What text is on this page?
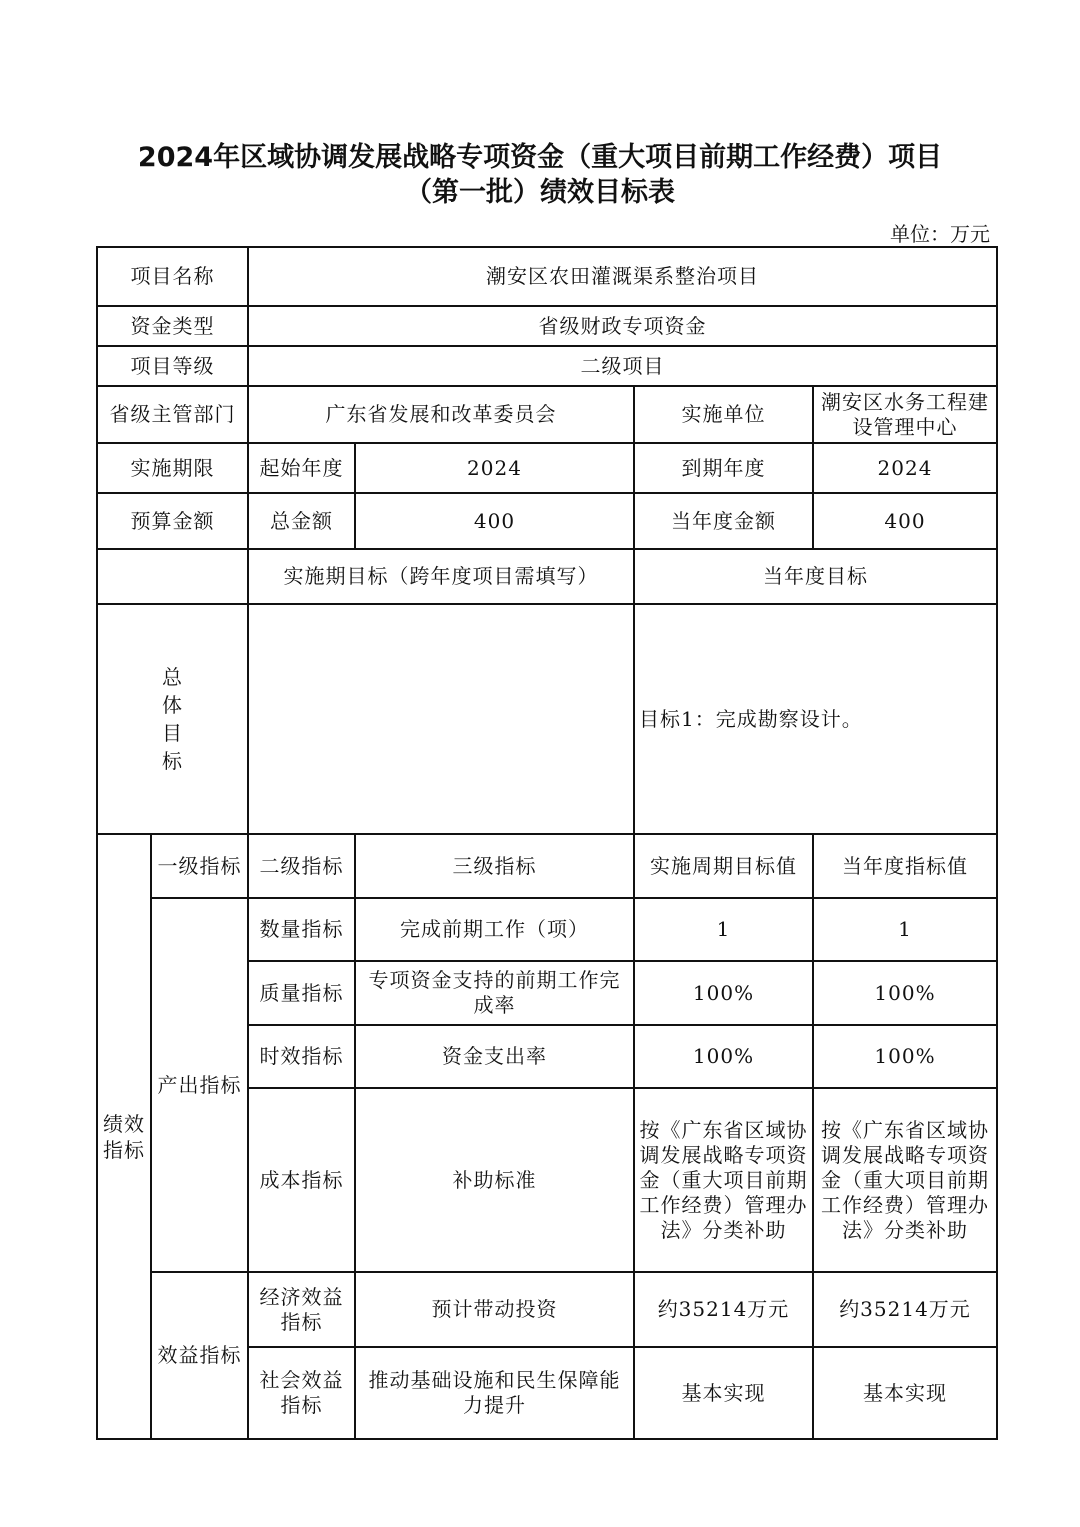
2024年区域协调发展战略专项资金（重大项目前期工作经费）项目
（第一批）绩效目标表
单位：万元
项目名称		潮安区农田灌溉渠系整治项目			
资金类型		省级财政专项资金			
项目等级		二级项目			
省级主管部门		广东省发展和改革委员会		实施单位	潮安区水务工程建设管理中心
实施期限		起始年度	2024	到期年度	2024
预算金额		总金额	400	当年度金额	400
		实施期目标（跨年度项目需填写）		当年度目标	
总体目标				目标1：完成勘察设计。	
绩效指标	一级指标	二级指标	三级指标	实施周期目标值	当年度指标值
	产出指标	数量指标	完成前期工作（项）	1	1
		质量指标	专项资金支持的前期工作完成率	100%	100%
		时效指标	资金支出率	100%	100%
		成本指标	补助标准	按《广东省区域协调发展战略专项资金（重大项目前期工作经费）管理办法》分类补助	按《广东省区域协调发展战略专项资金（重大项目前期工作经费）管理办法》分类补助
	效益指标	经济效益指标	预计带动投资	约35214万元	约35214万元
		社会效益指标	推动基础设施和民生保障能力提升	基本实现	基本实现
